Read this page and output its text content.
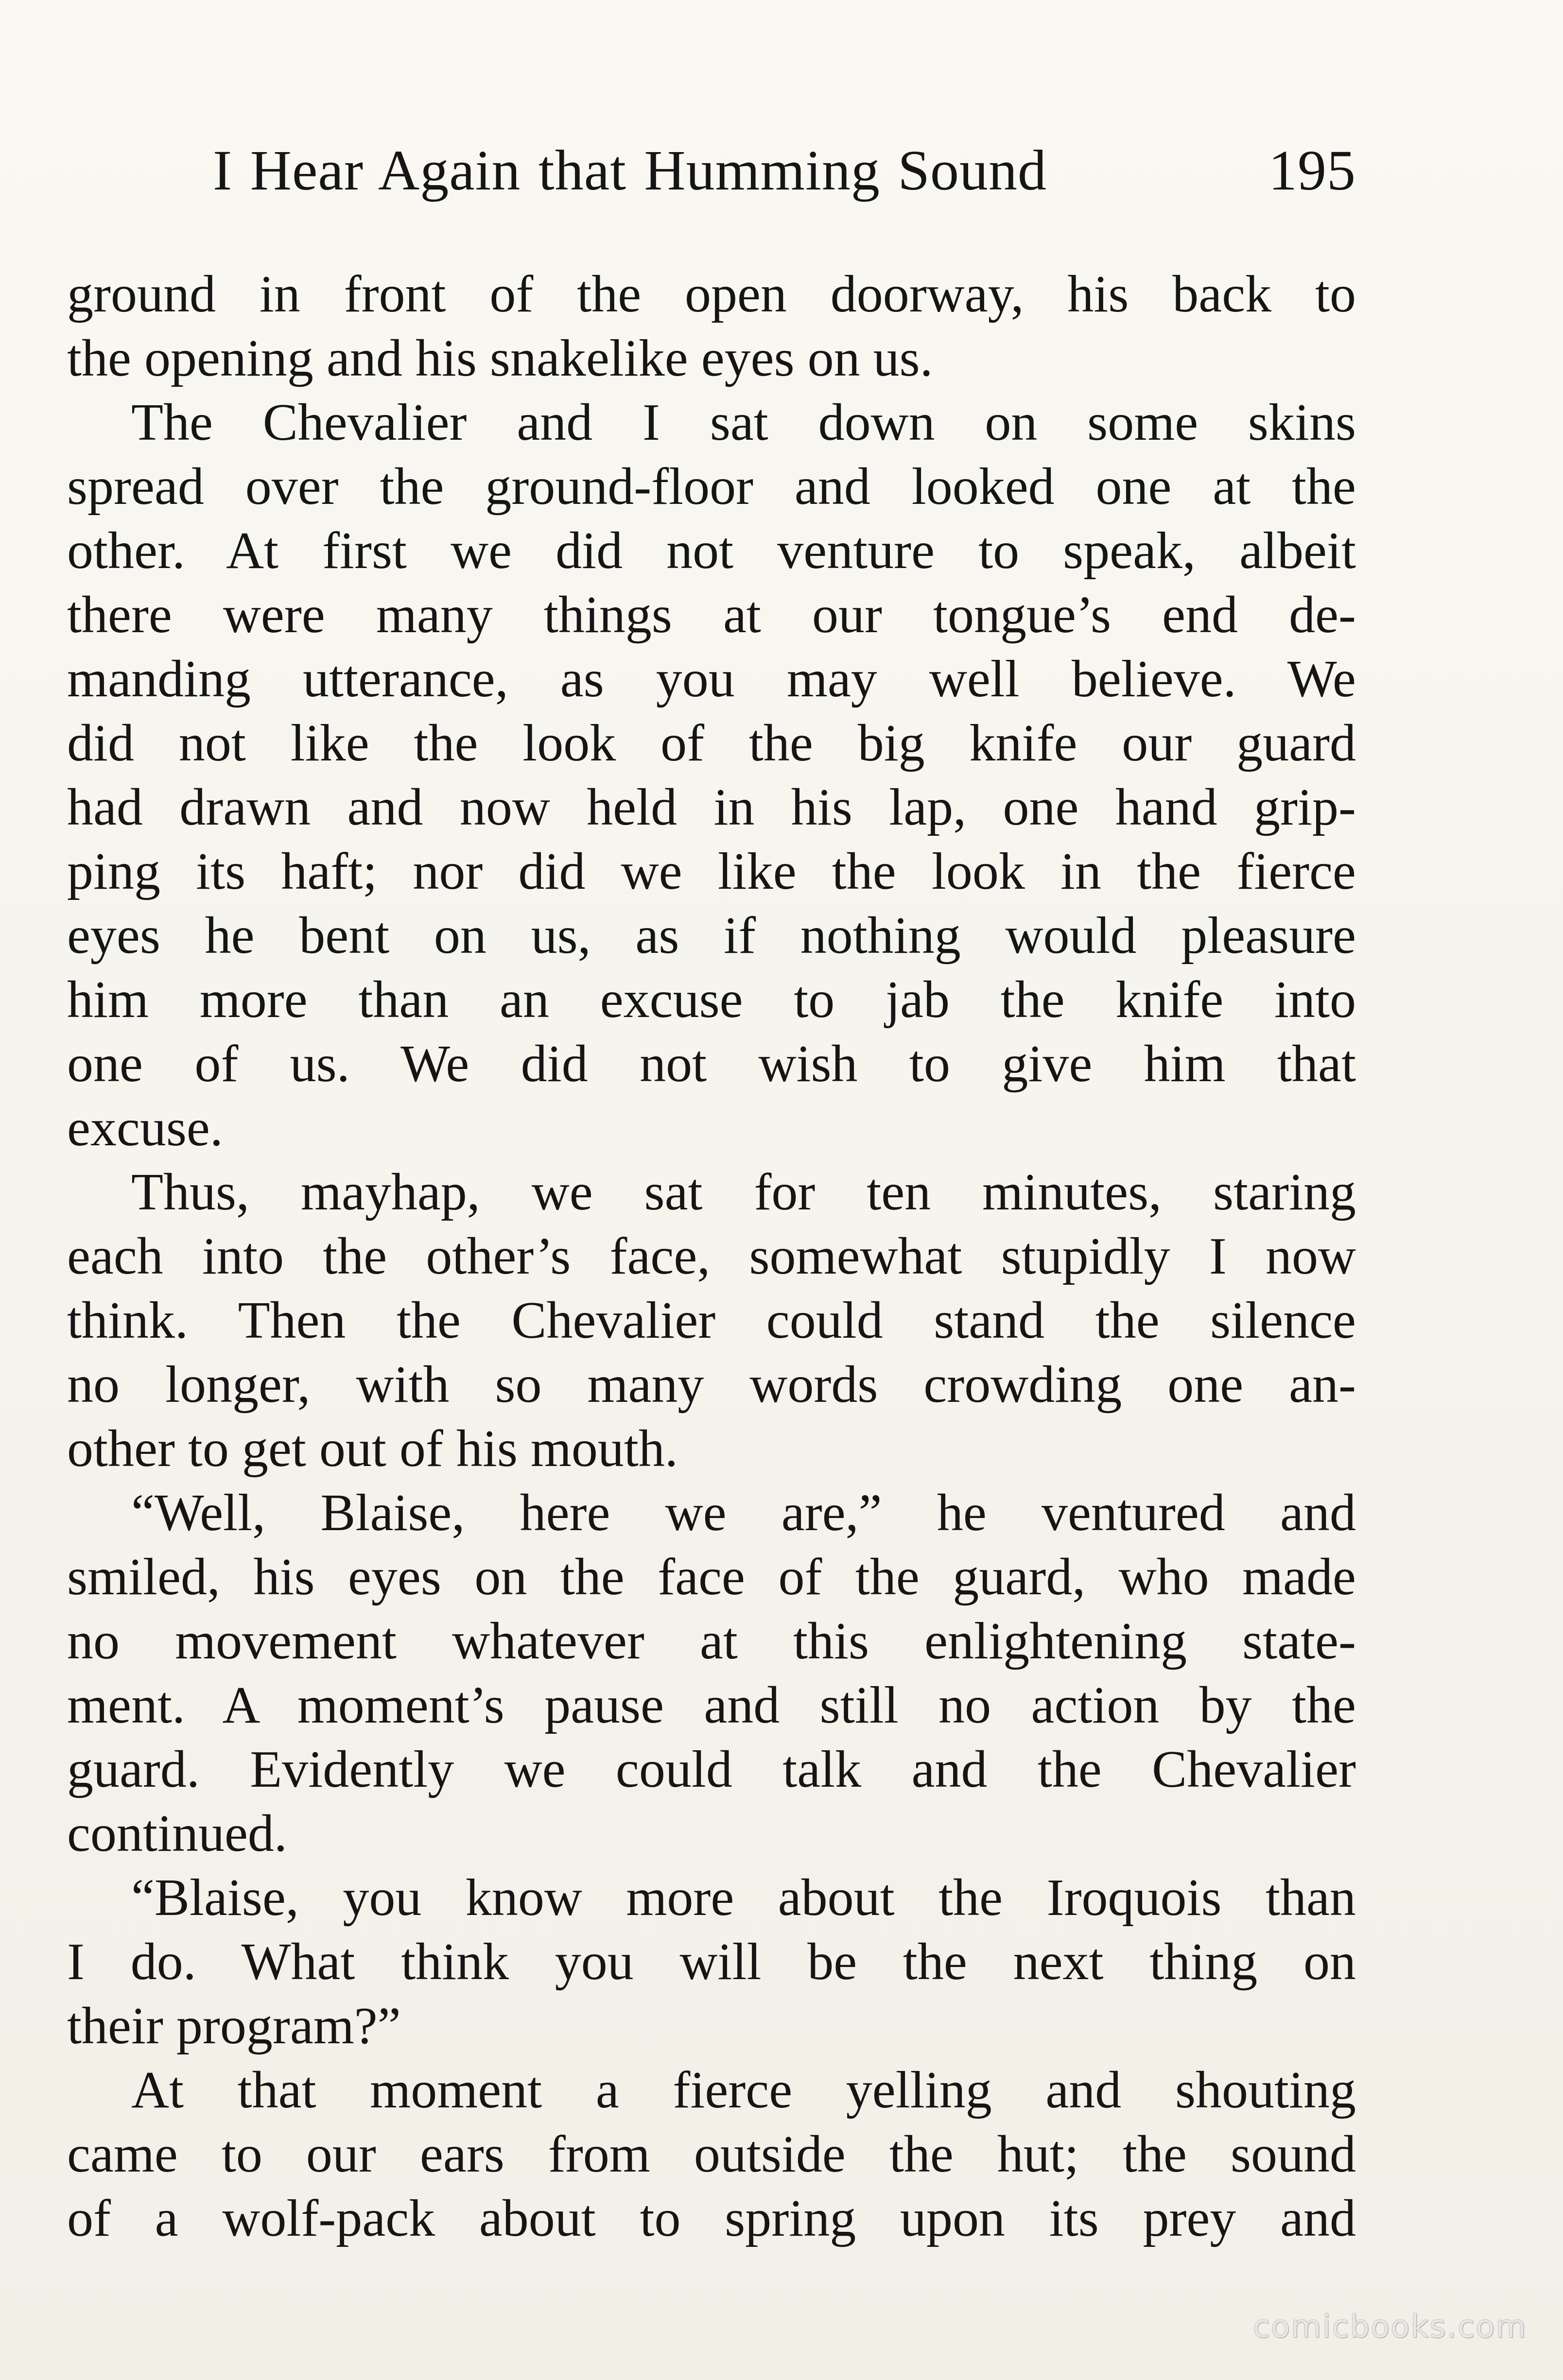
I Hear Again that Humming Sound	195
ground in front of the open doorway, his back to
the opening and his snakelike eyes on us.
The Chevalier and I sat down on some skins
spread over the ground-floor and looked one at the
other. At first we did not venture to speak, albeit
there were many things at our tongue’s end de-
manding utterance, as you may well believe. We
did not like the look of the big knife our guard
had drawn and now held in his lap, one hand grip-
ping its haft; nor did we like the look in the fierce
eyes he bent on us, as if nothing would pleasure
him more than an excuse to jab the knife into
one of us. We did not wish to give him that
excuse.
Thus, mayhap, we sat for ten minutes, staring
each into the other’s face, somewhat stupidly I now
think. Then the Chevalier could stand the silence
no longer, with so many words crowding one an-
other to get out of his mouth.
“Well, Blaise, here we are,” he ventured and
smiled, his eyes on the face of the guard, who made
no movement whatever at this enlightening state-
ment. A moment’s pause and still no action by the
guard. Evidently we could talk and the Chevalier
continued.
“Blaise, you know more about the Iroquois than
I do. What think you will be the next thing on
their program?”
At that moment a fierce yelling and shouting
came to our ears from outside the hut; the sound
of a wolf-pack about to spring upon its prey and
comicbooks.com
